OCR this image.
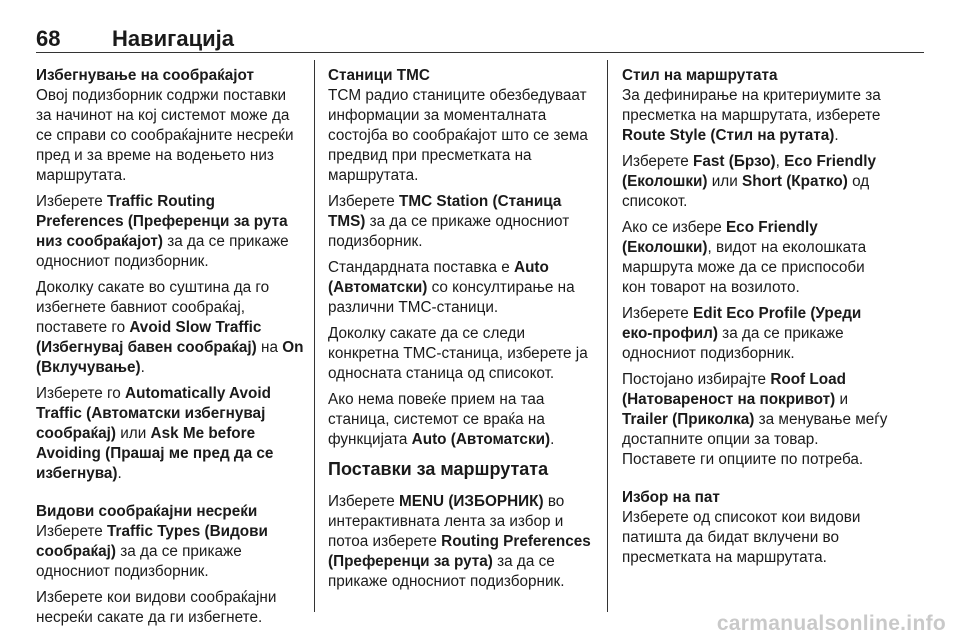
68 Навигација
Избегнување на сообраќајот

Овој подизборник содржи поставки за начинот на кој системот може да се справи со сообраќајните несреќи пред и за време на водењето низ маршрутата.

Изберете Traffic Routing Preferences (Преференци за рута низ сообраќајот) за да се прикаже односниот подизборник.

Доколку сакате во суштина да го избегнете бавниот сообраќај, поставете го Avoid Slow Traffic (Избегнувај бавен сообраќај) на On (Вклучување).

Изберете го Automatically Avoid Traffic (Автоматски избегнувај сообраќај) или Ask Me before Avoiding (Прашај ме пред да се избегнува).

Видови сообраќајни несреќи

Изберете Traffic Types (Видови сообраќај) за да се прикаже односниот подизборник.

Изберете кои видови сообраќајни несреќи сакате да ги избегнете.

Станици TMC

TCM радио станиците обезбедуваат информации за моменталната состојба во сообраќајот што се зема предвид при пресметката на маршрутата.

Изберете TMC Station (Станица TMS) за да се прикаже односниот подизборник.

Стандардната поставка е Auto (Автоматски) со консултирање на различни TMC-станици.

Доколку сакате да се следи конкретна TMC-станица, изберете ја односната станица од списокот.

Ако нема повеќе прием на таа станица, системот се враќа на функцијата Auto (Автоматски).

Поставки за маршрутата

Изберете MENU (ИЗБОРНИК) во интерактивната лента за избор и потоа изберете Routing Preferences (Преференци за рута) за да се прикаже односниот подизборник.

Стил на маршрутата

За дефинирање на критериумите за пресметка на маршрутата, изберете Route Style (Стил на рутата).

Изберете Fast (Брзо), Eco Friendly (Еколошки) или Short (Кратко) од списокот.

Ако се избере Eco Friendly (Еколошки), видот на еколошката маршрута може да се приспособи кон товарот на возилото.

Изберете Edit Eco Profile (Уреди еко-профил) за да се прикаже односниот подизборник.

Постојано избирајте Roof Load (Натовареност на покривот) и Trailer (Приколка) за менување меѓу достапните опции за товар. Поставете ги опциите по потреба.

Избор на пат

Изберете од списокот кои видови патишта да бидат вклучени во пресметката на маршрутата.

carmanualsonline.info
